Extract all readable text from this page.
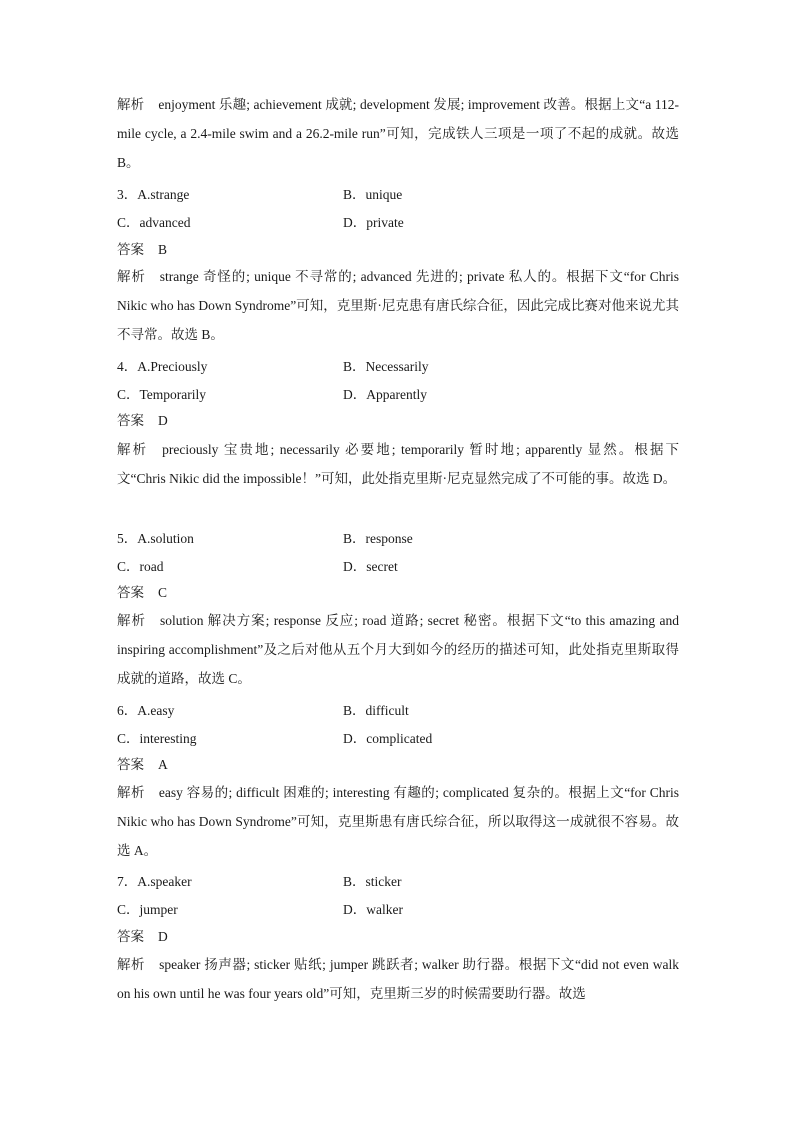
解析 enjoyment 乐趣; achievement 成就; development 发展; improvement 改善。根据上文“a 112-mile cycle, a 2.4-mile swim and a 26.2-mile run”可知，完成铁人三项是一项了不起的成就。故选 B。
3．A.strange	B．unique
C．advanced	D．private
答案 B
解析 strange 奇怪的; unique 不寻常的; advanced 先进的; private 私人的。根据下文“for Chris Nikic who has Down Syndrome”可知，克里斯·尼克患有唐氏综合征，因此完成比赛对他来说尤其不寻常。故选 B。
4．A.Preciously	B．Necessarily
C．Temporarily	D．Apparently
答案 D
解析 preciously 宝贵地; necessarily 必要地; temporarily 暂时地; apparently 显然。根据下文“Chris Nikic did the impossible！”可知，此处指克里斯·尼克显然完成了不可能的事。故选 D。
5．A.solution	B．response
C．road	D．secret
答案 C
解析 solution 解决方案; response 反应; road 道路; secret 秘密。根据下文“to this amazing and inspiring accomplishment”及之后对他从五个月大到如今的经历的描述可知，此处指克里斯取得成就的道路，故选 C。
6．A.easy	B．difficult
C．interesting	D．complicated
答案 A
解析 easy 容易的; difficult 困难的; interesting 有趣的; complicated 复杂的。根据上文“for Chris Nikic who has Down Syndrome”可知，克里斯患有唐氏综合征，所以取得这一成就很不容易。故选 A。
7．A.speaker	B．sticker
C．jumper	D．walker
答案 D
解析 speaker 扬声器; sticker 贴纸; jumper 跳跃者; walker 助行器。根据下文“did not even walk on his own until he was four years old”可知，克里斯三岁的时候需要助行器。故选
